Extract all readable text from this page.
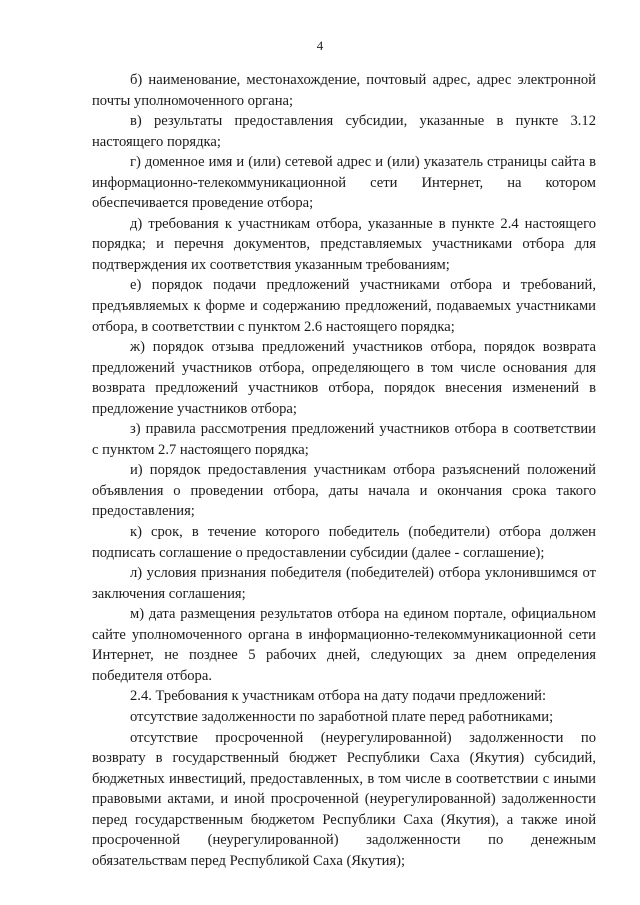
4

б) наименование, местонахождение, почтовый адрес, адрес электронной почты уполномоченного органа;

в) результаты предоставления субсидии, указанные в пункте 3.12 настоящего порядка;

г) доменное имя и (или) сетевой адрес и (или) указатель страницы сайта в информационно-телекоммуникационной сети Интернет, на котором обеспечивается проведение отбора;

д) требования к участникам отбора, указанные в пункте 2.4 настоящего порядка; и перечня документов, представляемых участниками отбора для подтверждения их соответствия указанным требованиям;

е) порядок подачи предложений участниками отбора и требований, предъявляемых к форме и содержанию предложений, подаваемых участниками отбора, в соответствии с пунктом 2.6 настоящего порядка;

ж) порядок отзыва предложений участников отбора, порядок возврата предложений участников отбора, определяющего в том числе основания для возврата предложений участников отбора, порядок внесения изменений в предложение участников отбора;

з) правила рассмотрения предложений участников отбора в соответствии с пунктом 2.7 настоящего порядка;

и) порядок предоставления участникам отбора разъяснений положений объявления о проведении отбора, даты начала и окончания срока такого предоставления;

к) срок, в течение которого победитель (победители) отбора должен подписать соглашение о предоставлении субсидии (далее - соглашение);

л) условия признания победителя (победителей) отбора уклонившимся от заключения соглашения;

м) дата размещения результатов отбора на едином портале, официальном сайте уполномоченного органа в информационно-телекоммуникационной сети Интернет, не позднее 5 рабочих дней, следующих за днем определения победителя отбора.

2.4. Требования к участникам отбора на дату подачи предложений:

отсутствие задолженности по заработной плате перед работниками;

отсутствие просроченной (неурегулированной) задолженности по возврату в государственный бюджет Республики Саха (Якутия) субсидий, бюджетных инвестиций, предоставленных, в том числе в соответствии с иными правовыми актами, и иной просроченной (неурегулированной) задолженности перед государственным бюджетом Республики Саха (Якутия), а также иной просроченной (неурегулированной) задолженности по денежным обязательствам перед Республикой Саха (Якутия);
